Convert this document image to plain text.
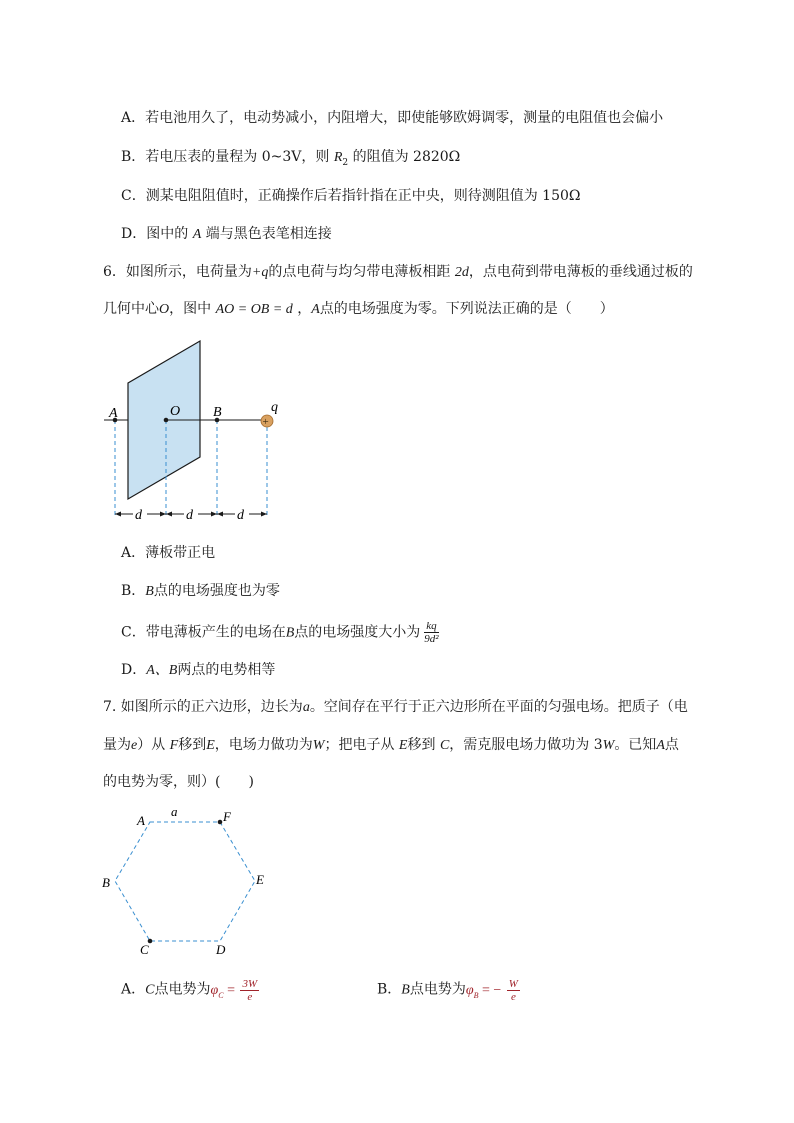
A．若电池用久了，电动势减小，内阻增大，即使能够欧姆调零，测量的电阻值也会偏小
B．若电压表的量程为 0~3V，则 $R_2$ 的阻值为 2820Ω
C．测某电阻阻值时，正确操作后若指针指在正中央，则待测阻值为 150Ω
D．图中的 A 端与黑色表笔相连接
6．如图所示，电荷量为+q的点电荷与均匀带电薄板相距 2d，点电荷到带电薄板的垂线通过板的
几何中心O，图中 AO = OB = d ，A点的电场强度为零。下列说法正确的是（　　）
+
A	O B	q
d	d	d
A．薄板带正电
B．B点的电场强度也为零
C．带电薄板产生的电场在B点的电场强度大小为 $\frac{kq}{\text{9d²}}$
D．A、B两点的电势相等
7. 如图所示的正六边形，边长为a。空间存在平行于正六边形所在平面的匀强电场。把质子（电
量为e）从 F移到E，电场力做功为W；把电子从 E移到 C，需克服电场力做功为 3W。已知A点
的电势为零，则）(　　)
A
a	F
B	E
C	D
A．C点电势为$\varphi_C = \frac{3W}{e}$	B．B点电势为$\varphi_B$ = − $\frac{W}{e}$
